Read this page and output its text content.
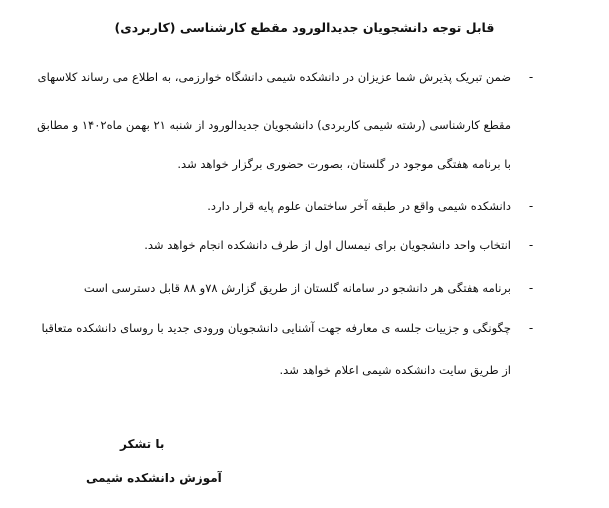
قابل توجه دانشجویان جدیدالورود مقطع کارشناسی (کاربردی)
-
ضمن تبریک پذیرش شما عزیزان در دانشکده شیمی دانشگاه خوارزمی، به اطلاع می رساند کلاسهای
مقطع کارشناسی (رشته شیمی کاربردی) دانشجویان جدیدالورود از شنبه ۲۱ بهمن ماه۱۴۰۲ و مطابق
با برنامه هفتگی موجود در گلستان، بصورت حضوری برگزار خواهد شد.
-
دانشکده شیمی واقع در طبقه آخر ساختمان علوم پایه قرار دارد.
-
انتخاب واحد دانشجویان برای نیمسال اول از طرف دانشکده انجام خواهد شد.
-
برنامه هفتگی هر دانشجو در سامانه گلستان از طریق گزارش ۷۸و ۸۸ قابل دسترسی است
-
چگونگی و جزییات جلسه ی معارفه جهت آشنایی دانشجویان ورودی جدید با روسای دانشکده متعاقبا
از طریق سایت دانشکده شیمی اعلام خواهد شد.
با تشکر
آموزش دانشکده شیمی
